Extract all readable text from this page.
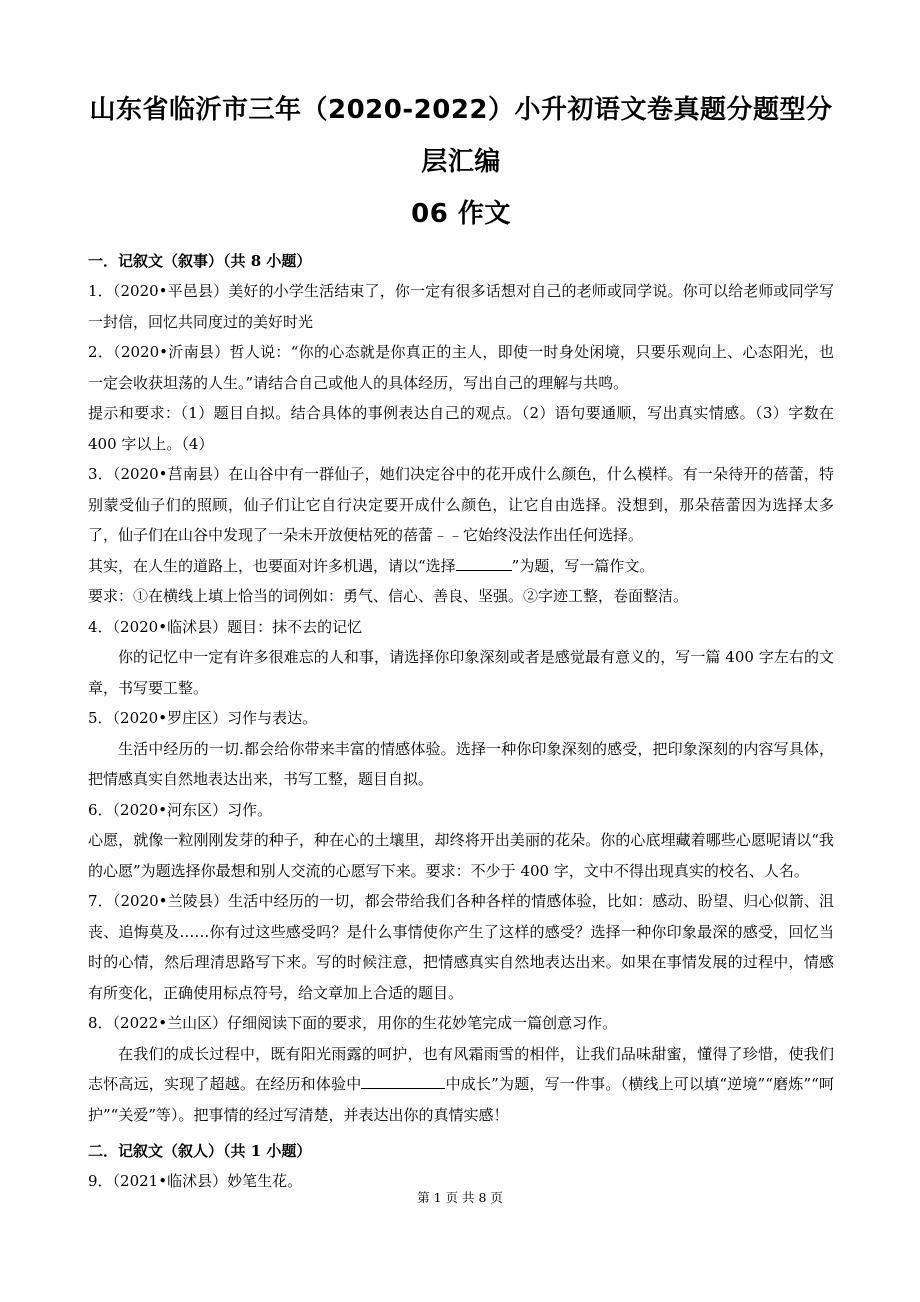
山东省临沂市三年（2020-2022）小升初语文卷真题分题型分层汇编
06 作文
一．记叙文（叙事）（共 8 小题）

1．（2020•平邑县）美好的小学生活结束了，你一定有很多话想对自己的老师或同学说。你可以给老师或同学写一封信，回忆共同度过的美好时光

2．（2020•沂南县）哲人说：“你的心态就是你真正的主人，即使一时身处闲境，只要乐观向上、心态阳光，也一定会收获坦荡的人生。”请结合自己或他人的具体经历，写出自己的理解与共鸣。

提示和要求：（1）题目自拟。结合具体的事例表达自己的观点。（2）语句要通顺，写出真实情感。（3）字数在 400 字以上。（4）

3．（2020•莒南县）在山谷中有一群仙子，她们决定谷中的花开成什么颜色，什么模样。有一朵待开的蓓蕾，特别蒙受仙子们的照顾，仙子们让它自行决定要开成什么颜色，让它自由选择。没想到，那朵蓓蕾因为选择太多了，仙子们在山谷中发现了一朵未开放便枯死的蓓蕾﹣﹣它始终没法作出任何选择。

其实，在人生的道路上，也要面对许多机遇，请以“选择	”为题，写一篇作文。

要求：①在横线上填上恰当的词例如：勇气、信心、善良、坚强。②字迹工整，卷面整洁。

4．（2020•临沭县）题目：抹不去的记忆

你的记忆中一定有许多很难忘的人和事，请选择你印象深刻或者是感觉最有意义的，写一篇 400 字左右的文章，书写要工整。

5．（2020•罗庄区）习作与表达。

生活中经历的一切.都会给你带来丰富的情感体验。选择一种你印象深刻的感受，把印象深刻的内容写具体，把情感真实自然地表达出来，书写工整，题目自拟。

6．（2020•河东区）习作。

心愿，就像一粒刚刚发芽的种子，种在心的土壤里，却终将开出美丽的花朵。你的心底埋藏着哪些心愿呢请以“我的心愿”为题选择你最想和别人交流的心愿写下来。要求：不少于 400 字，文中不得出现真实的校名、人名。

7．（2020•兰陵县）生活中经历的一切，都会带给我们各种各样的情感体验，比如：感动、盼望、归心似箭、沮丧、追悔莫及……你有过这些感受吗？是什么事情使你产生了这样的感受？选择一种你印象最深的感受，回忆当时的心情，然后理清思路写下来。写的时候注意，把情感真实自然地表达出来。如果在事情发展的过程中，情感有所变化，正确使用标点符号，给文章加上合适的题目。

8．（2022•兰山区）仔细阅读下面的要求，用你的生花妙笔完成一篇创意习作。

在我们的成长过程中，既有阳光雨露的呵护，也有风霜雨雪的相伴，让我们品味甜蜜，懂得了珍惜，使我们志怀高远，实现了超越。在经历和体验中	中成长”为题，写一件事。（横线上可以填“逆境”“磨炼”“呵护”“关爱”等）。把事情的经过写清楚，并表达出你的真情实感！

二．记叙文（叙人）（共 1 小题）

9．（2021•临沭县）妙笔生花。

第 1 页 共 8 页
